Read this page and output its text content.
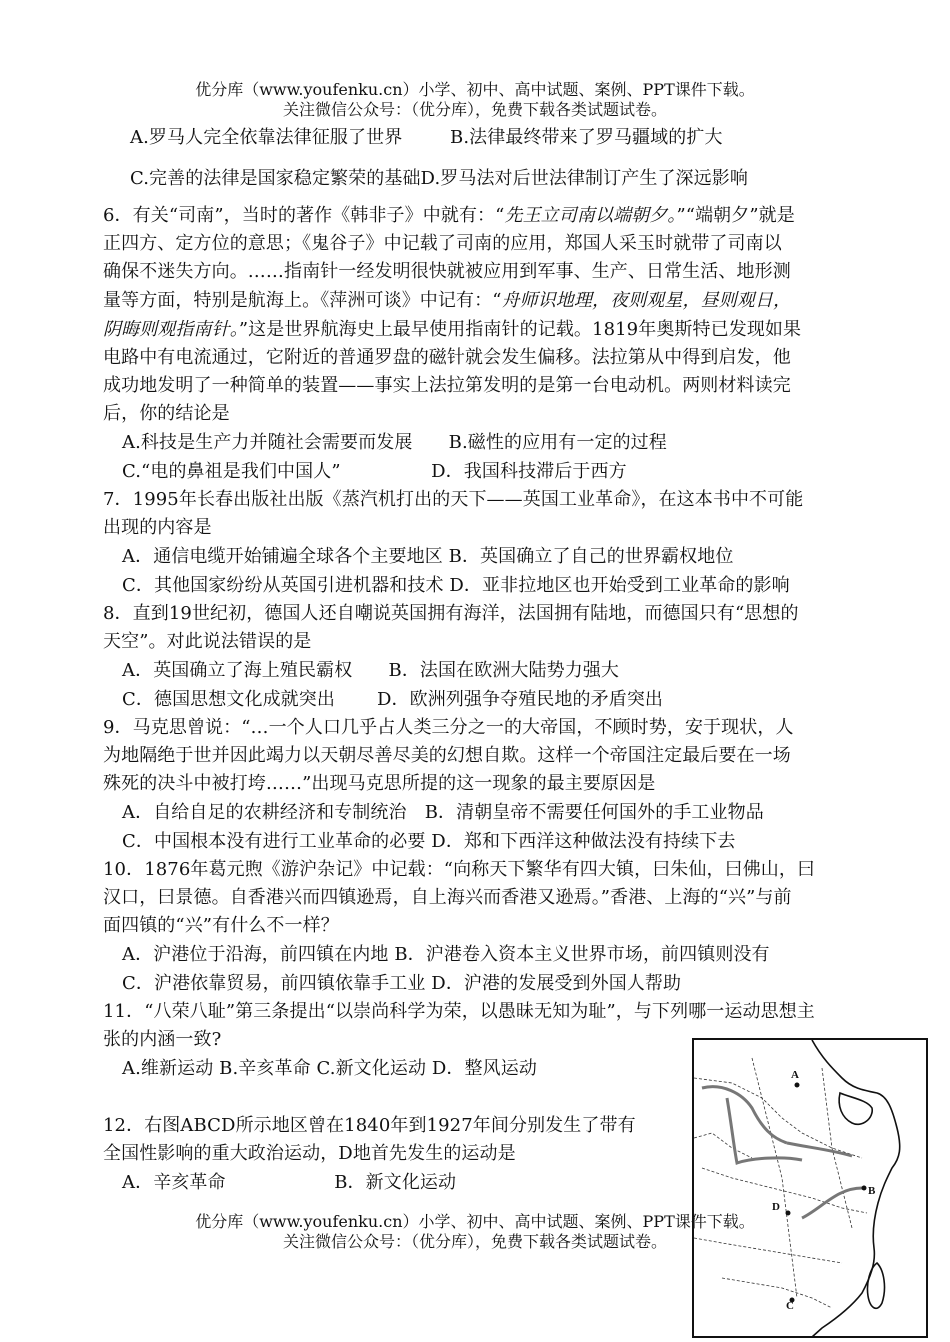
优分库（www.youfenku.cn）小学、初中、高中试题、案例、PPT课件下载。
关注微信公众号：（优分库），免费下载各类试题试卷。
A.罗马人完全依靠法律征服了世界	B.法律最终带来了罗马疆域的扩大
C.完善的法律是国家稳定繁荣的基础D.罗马法对后世法律制订产生了深远影响
6．有关“司南”，当时的著作《韩非子》中就有：“先王立司南以端朝夕。”“端朝夕”就是
正四方、定方位的意思；《鬼谷子》中记载了司南的应用，郑国人采玉时就带了司南以
确保不迷失方向。……指南针一经发明很快就被应用到军事、生产、日常生活、地形测
量等方面，特别是航海上。《萍洲可谈》中记有：“舟师识地理，夜则观星，昼则观日，
阴晦则观指南针。”这是世界航海史上最早使用指南针的记载。1819年奥斯特已发现如果
电路中有电流通过，它附近的普通罗盘的磁针就会发生偏移。法拉第从中得到启发，他
成功地发明了一种简单的装置——事实上法拉第发明的是第一台电动机。两则材料读完
后，你的结论是
A.科技是生产力并随社会需要而发展　　B.磁性的应用有一定的过程
C.“电的鼻祖是我们中国人”　　　　　D．我国科技滞后于西方
7．1995年长春出版社出版《蒸汽机打出的天下——英国工业革命》，在这本书中不可能
出现的内容是
A．通信电缆开始铺遍全球各个主要地区 B．英国确立了自己的世界霸权地位
C．其他国家纷纷从英国引进机器和技术 D．亚非拉地区也开始受到工业革命的影响
8．直到19世纪初，德国人还自嘲说英国拥有海洋，法国拥有陆地，而德国只有“思想的
天空”。对此说法错误的是
A．英国确立了海上殖民霸权　　B．法国在欧洲大陆势力强大
C．德国思想文化成就突出　　 D．欧洲列强争夺殖民地的矛盾突出
9．马克思曾说：“…一个人口几乎占人类三分之一的大帝国，不顾时势，安于现状，人
为地隔绝于世并因此竭力以天朝尽善尽美的幻想自欺。这样一个帝国注定最后要在一场
殊死的决斗中被打垮……”出现马克思所提的这一现象的最主要原因是
A．自给自足的农耕经济和专制统治　B．清朝皇帝不需要任何国外的手工业物品
C．中国根本没有进行工业革命的必要 D．郑和下西洋这种做法没有持续下去
10．1876年葛元煦《游沪杂记》中记载：“向称天下繁华有四大镇，曰朱仙，曰佛山，曰
汉口，曰景德。自香港兴而四镇逊焉，自上海兴而香港又逊焉。”香港、上海的“兴”与前
面四镇的“兴”有什么不一样？
A．沪港位于沿海，前四镇在内地 B．沪港卷入资本主义世界市场，前四镇则没有
C．沪港依靠贸易，前四镇依靠手工业 D．沪港的发展受到外国人帮助
11．“八荣八耻”第三条提出“以崇尚科学为荣，以愚昧无知为耻”，与下列哪一运动思想主
张的内涵一致?
A.维新运动 B.辛亥革命 C.新文化运动 D．整风运动
12．右图ABCD所示地区曾在1840年到1927年间分别发生了带有
全国性影响的重大政治运动，D地首先发生的运动是
A．辛亥革命　　　　　　B．新文化运动
优分库（www.youfenku.cn）小学、初中、高中试题、案例、PPT课件下载。
关注微信公众号：（优分库），免费下载各类试题试卷。
A
B
C
D
